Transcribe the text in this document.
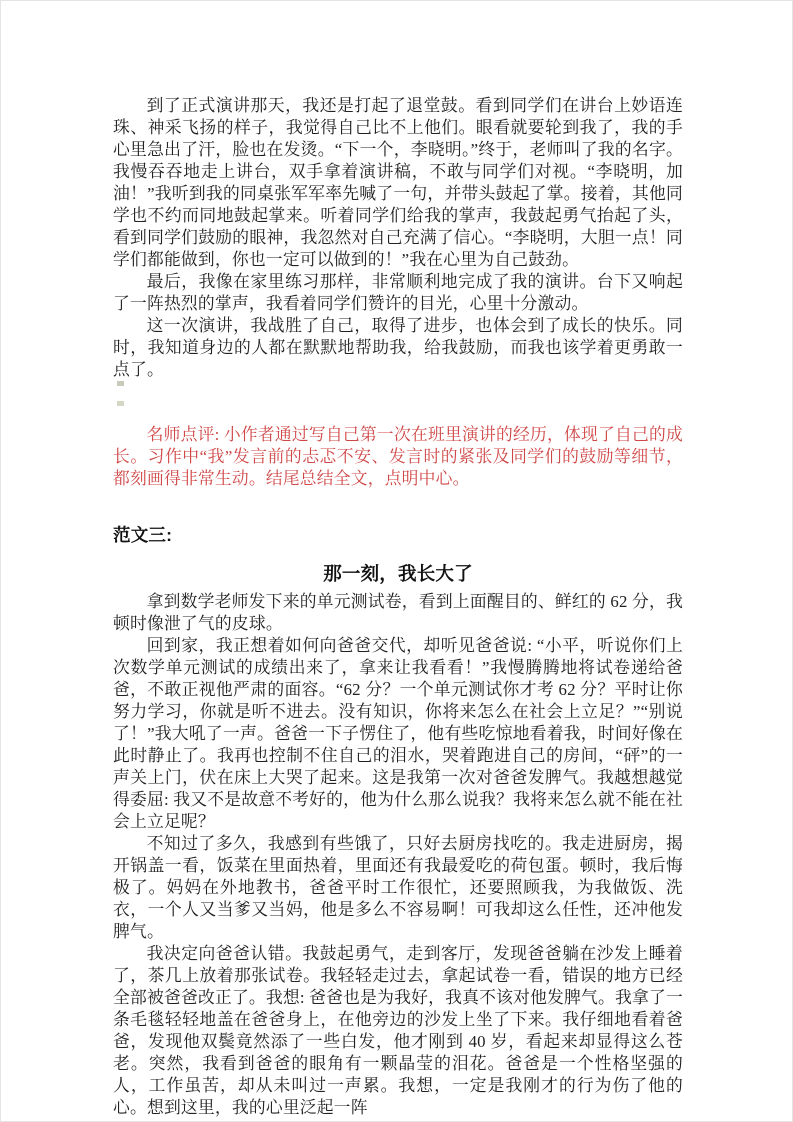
到了正式演讲那天，我还是打起了退堂鼓。看到同学们在讲台上妙语连珠、神采飞扬的样子，我觉得自己比不上他们。眼看就要轮到我了，我的手心里急出了汗，脸也在发烫。“下一个，李晓明。”终于，老师叫了我的名字。我慢吞吞地走上讲台，双手拿着演讲稿，不敢与同学们对视。“李晓明，加油！”我听到我的同桌张军军率先喊了一句，并带头鼓起了掌。接着，其他同学也不约而同地鼓起掌来。听着同学们给我的掌声，我鼓起勇气抬起了头，看到同学们鼓励的眼神，我忽然对自己充满了信心。“李晓明，大胆一点！同学们都能做到，你也一定可以做到的！”我在心里为自己鼓劲。

最后，我像在家里练习那样，非常顺利地完成了我的演讲。台下又响起了一阵热烈的掌声，我看着同学们赞许的目光，心里十分激动。

这一次演讲，我战胜了自己，取得了进步，也体会到了成长的快乐。同时，我知道身边的人都在默默地帮助我，给我鼓励，而我也该学着更勇敢一点了。

名师点评: 小作者通过写自己第一次在班里演讲的经历，体现了自己的成长。习作中“我”发言前的忐忑不安、发言时的紧张及同学们的鼓励等细节，都刻画得非常生动。结尾总结全文，点明中心。

范文三:

那一刻，我长大了

拿到数学老师发下来的单元测试卷，看到上面醒目的、鲜红的 62 分，我顿时像泄了气的皮球。

回到家，我正想着如何向爸爸交代，却听见爸爸说: “小平，听说你们上次数学单元测试的成绩出来了，拿来让我看看！”我慢腾腾地将试卷递给爸爸，不敢正视他严肃的面容。“62 分？一个单元测试你才考 62 分？平时让你努力学习，你就是听不进去。没有知识，你将来怎么在社会上立足？”“别说了！”我大吼了一声。爸爸一下子愣住了，他有些吃惊地看着我，时间好像在此时静止了。我再也控制不住自己的泪水，哭着跑进自己的房间，“砰”的一声关上门，伏在床上大哭了起来。这是我第一次对爸爸发脾气。我越想越觉得委屈: 我又不是故意不考好的，他为什么那么说我？我将来怎么就不能在社会上立足呢？

不知过了多久，我感到有些饿了，只好去厨房找吃的。我走进厨房，揭开锅盖一看，饭菜在里面热着，里面还有我最爱吃的荷包蛋。顿时，我后悔极了。妈妈在外地教书，爸爸平时工作很忙，还要照顾我，为我做饭、洗衣，一个人又当爹又当妈，他是多么不容易啊！可我却这么任性，还冲他发脾气。

我决定向爸爸认错。我鼓起勇气，走到客厅，发现爸爸躺在沙发上睡着了，茶几上放着那张试卷。我轻轻走过去，拿起试卷一看，错误的地方已经全部被爸爸改正了。我想: 爸爸也是为我好，我真不该对他发脾气。我拿了一条毛毯轻轻地盖在爸爸身上，在他旁边的沙发上坐了下来。我仔细地看着爸爸，发现他双鬓竟然添了一些白发，他才刚到 40 岁，看起来却显得这么苍老。突然，我看到爸爸的眼角有一颗晶莹的泪花。爸爸是一个性格坚强的人，工作虽苦，却从未叫过一声累。我想，一定是我刚才的行为伤了他的心。想到这里，我的心里泛起一阵
